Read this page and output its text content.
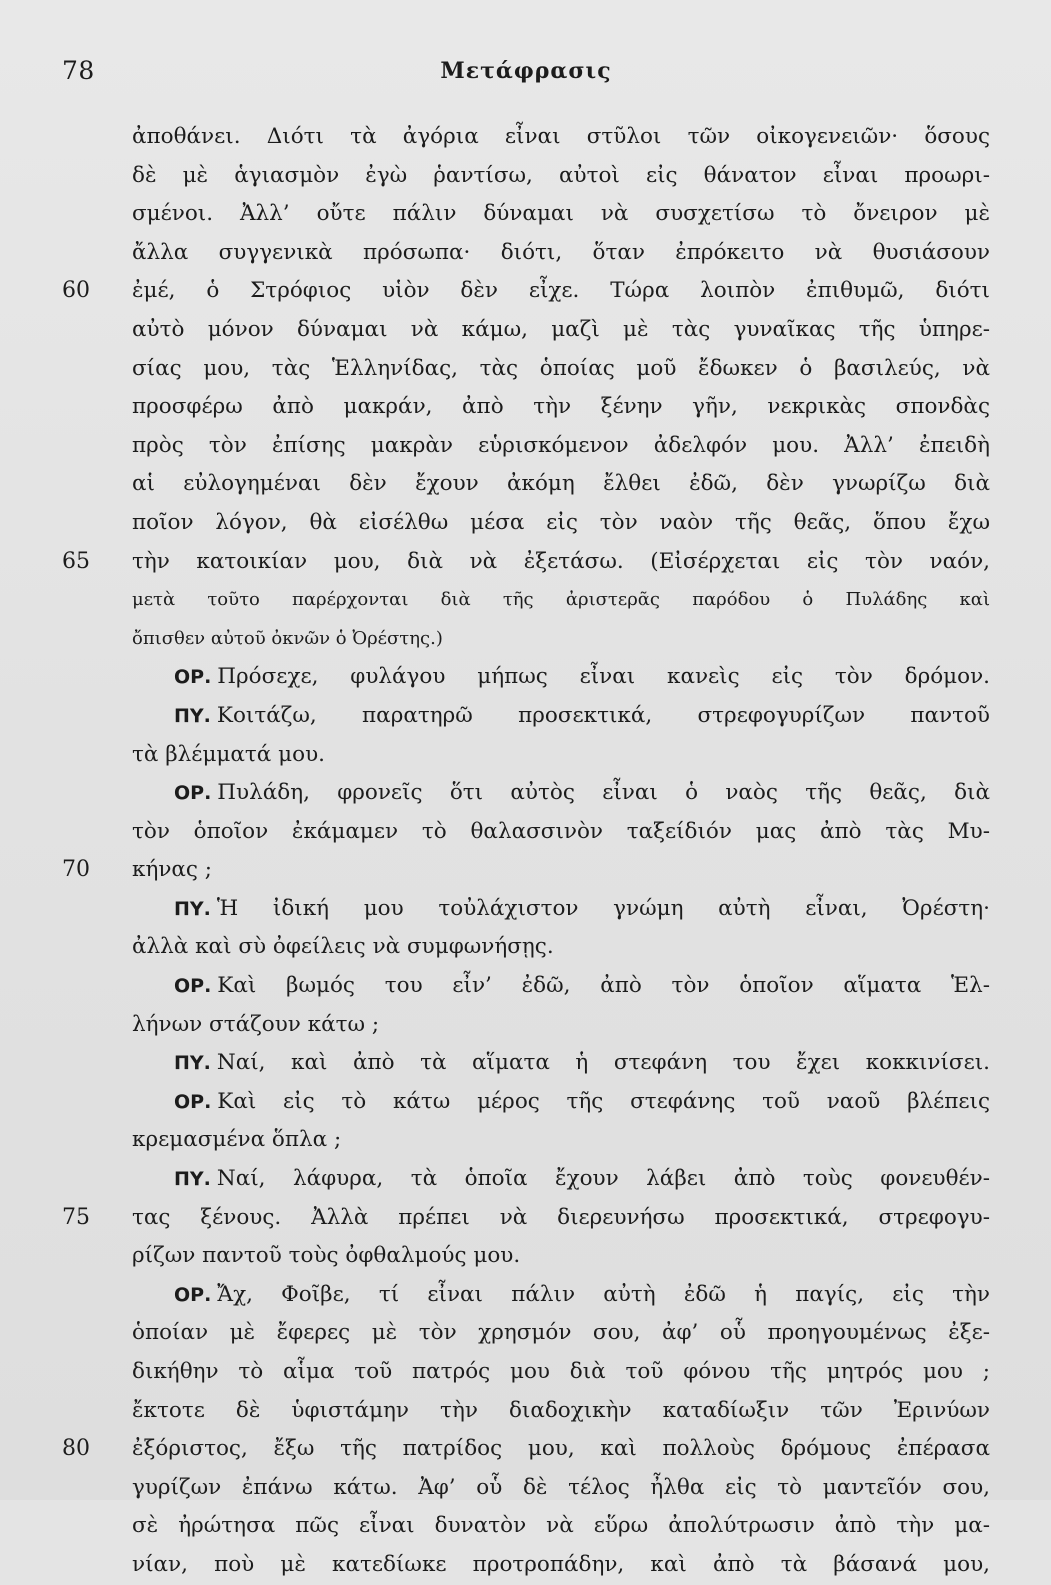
78	Μετάφρασις
ἀποθάνει. Διότι τὰ ἀγόρια εἶναι στῦλοι τῶν οἰκογενειῶν· ὅσους
δὲ μὲ ἁγιασμὸν ἐγὼ ῥαντίσω, αὐτοὶ εἰς θάνατον εἶναι προωρι-
σμένοι. Ἀλλ’ οὔτε πάλιν δύναμαι νὰ συσχετίσω τὸ ὄνειρον μὲ
ἄλλα συγγενικὰ πρόσωπα· διότι, ὅταν ἐπρόκειτο νὰ θυσιάσουν
60	ἐμέ, ὁ Στρόφιος υἱὸν δὲν εἶχε. Τώρα λοιπὸν ἐπιθυμῶ, διότι
αὐτὸ μόνον δύναμαι νὰ κάμω, μαζὶ μὲ τὰς γυναῖκας τῆς ὑπηρε-
σίας μου, τὰς Ἑλληνίδας, τὰς ὁποίας μοῦ ἔδωκεν ὁ βασιλεύς, νὰ
προσφέρω ἀπὸ μακράν, ἀπὸ τὴν ξένην γῆν, νεκρικὰς σπονδὰς
πρὸς τὸν ἐπίσης μακρὰν εὑρισκόμενον ἀδελφόν μου. Ἀλλ’ ἐπειδὴ
αἱ εὐλογημέναι δὲν ἔχουν ἀκόμη ἔλθει ἐδῶ, δὲν γνωρίζω διὰ
ποῖον λόγον, θὰ εἰσέλθω μέσα εἰς τὸν ναὸν τῆς θεᾶς, ὅπου ἔχω
65	τὴν κατοικίαν μου, διὰ νὰ ἐξετάσω. (Εἰσέρχεται εἰς τὸν ναόν,
μετὰ τοῦτο παρέρχονται διὰ τῆς ἀριστερᾶς παρόδου ὁ Πυλάδης καὶ
ὄπισθεν αὐτοῦ ὀκνῶν ὁ Ὀρέστης.)
ΟΡ. Πρόσεχε, φυλάγου μήπως εἶναι κανεὶς εἰς τὸν δρόμον.
ΠΥ. Κοιτάζω, παρατηρῶ προσεκτικά, στρεφογυρίζων παντοῦ
τὰ βλέμματά μου.
ΟΡ. Πυλάδη, φρονεῖς ὅτι αὐτὸς εἶναι ὁ ναὸς τῆς θεᾶς, διὰ
τὸν ὁποῖον ἐκάμαμεν τὸ θαλασσινὸν ταξείδιόν μας ἀπὸ τὰς Μυ-
70	κήνας ;
ΠΥ. Ἡ ἰδική μου τοὐλάχιστον γνώμη αὐτὴ εἶναι, Ὀρέστη·
ἀλλὰ καὶ σὺ ὀφείλεις νὰ συμφωνήσῃς.
ΟΡ. Καὶ βωμός του εἶν’ ἐδῶ, ἀπὸ τὸν ὁποῖον αἵματα Ἑλ-
λήνων στάζουν κάτω ;
ΠΥ. Ναί, καὶ ἀπὸ τὰ αἵματα ἡ στεφάνη του ἔχει κοκκινίσει.
ΟΡ. Καὶ εἰς τὸ κάτω μέρος τῆς στεφάνης τοῦ ναοῦ βλέπεις
κρεμασμένα ὅπλα ;
ΠΥ. Ναί, λάφυρα, τὰ ὁποῖα ἔχουν λάβει ἀπὸ τοὺς φονευθέν-
75	τας ξένους. Ἀλλὰ πρέπει νὰ διερευνήσω προσεκτικά, στρεφογυ-
ρίζων παντοῦ τοὺς ὀφθαλμούς μου.
ΟΡ. Ἄχ, Φοῖβε, τί εἶναι πάλιν αὐτὴ ἐδῶ ἡ παγίς, εἰς τὴν
ὁποίαν μὲ ἔφερες μὲ τὸν χρησμόν σου, ἀφ’ οὗ προηγουμένως ἐξε-
δικήθην τὸ αἷμα τοῦ πατρός μου διὰ τοῦ φόνου τῆς μητρός μου ;
ἔκτοτε δὲ ὑφιστάμην τὴν διαδοχικὴν καταδίωξιν τῶν Ἐρινύων
80	ἐξόριστος, ἔξω τῆς πατρίδος μου, καὶ πολλοὺς δρόμους ἐπέρασα
γυρίζων ἐπάνω κάτω. Ἀφ’ οὗ δὲ τέλος ἦλθα εἰς τὸ μαντεῖόν σου,
σὲ ἠρώτησα πῶς εἶναι δυνατὸν νὰ εὕρω ἀπολύτρωσιν ἀπὸ τὴν μα-
νίαν, ποὺ μὲ κατεδίωκε προτροπάδην, καὶ ἀπὸ τὰ βάσανά μου,
